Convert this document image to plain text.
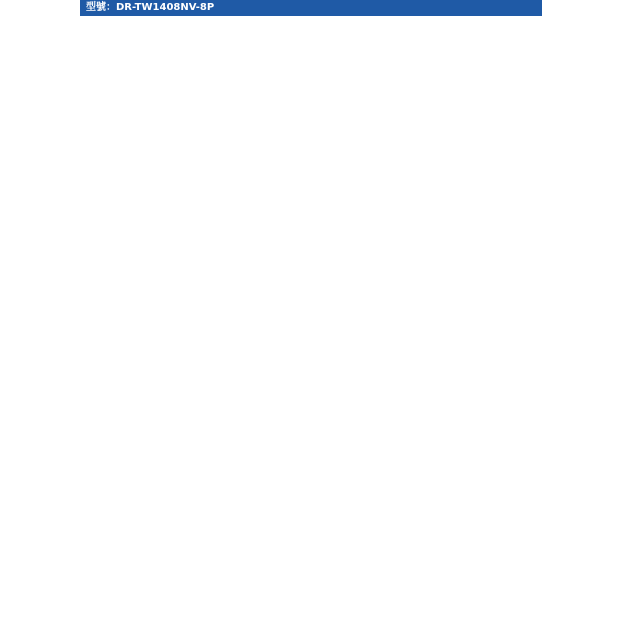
型號：DR-TW1408NV-8P
